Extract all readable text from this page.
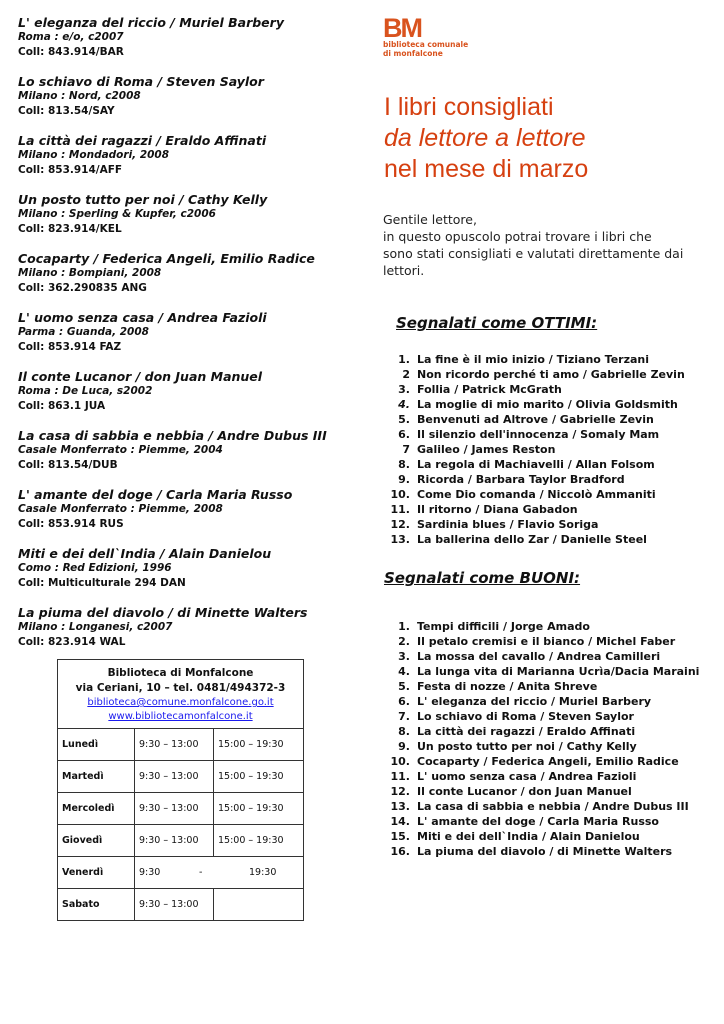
L' eleganza del riccio / Muriel Barbery
Roma : e/o, c2007
Coll: 843.914/BAR
Lo schiavo di Roma / Steven Saylor
Milano : Nord, c2008
Coll: 813.54/SAY
La città dei ragazzi / Eraldo Affinati
Milano : Mondadori, 2008
Coll: 853.914/AFF
Un posto tutto per noi / Cathy Kelly
Milano : Sperling & Kupfer, c2006
Coll: 823.914/KEL
Cocaparty / Federica Angeli, Emilio Radice
Milano : Bompiani, 2008
Coll: 362.290835 ANG
L' uomo senza casa / Andrea Fazioli
Parma : Guanda, 2008
Coll: 853.914 FAZ
Il conte Lucanor / don Juan Manuel
Roma : De Luca, s2002
Coll: 863.1 JUA
La casa di sabbia e nebbia / Andre Dubus III
Casale Monferrato : Piemme, 2004
Coll: 813.54/DUB
L' amante del doge / Carla Maria Russo
Casale Monferrato : Piemme, 2008
Coll: 853.914 RUS
Miti e dei dell`India / Alain Danielou
Como : Red Edizioni, 1996
Coll: Multiculturale 294 DAN
La piuma del diavolo / di Minette Walters
Milano : Longanesi, c2007
Coll: 823.914 WAL
Biblioteca di Monfalcone
via Ceriani, 10 – tel. 0481/494372-3
biblioteca@comune.monfalcone.go.it
www.bibliotecamonfalcone.it
Lunedì	9:30 – 13:00	15:00 – 19:30
Martedì	9:30 – 13:00	15:00 – 19:30
Mercoledì	9:30 – 13:00	15:00 – 19:30
Giovedì	9:30 – 13:00	15:00 – 19:30
Venerdì	9:30 - 19:30	
Sabato	9:30 – 13:00	
BM
biblioteca comunale
di monfalcone
I libri consigliati
da lettore a lettore
nel mese di marzo
Gentile lettore,
in questo opuscolo potrai trovare i libri che
sono stati consigliati e valutati direttamente dai
lettori.
Segnalati come OTTIMI:
1. La fine è il mio inizio / Tiziano Terzani
2 Non ricordo perché ti amo / Gabrielle Zevin
3. Follia / Patrick McGrath
4. La moglie di mio marito / Olivia Goldsmith
5. Benvenuti ad Altrove / Gabrielle Zevin
6. Il silenzio dell'innocenza / Somaly Mam
7 Galileo / James Reston
8. La regola di Machiavelli / Allan Folsom
9. Ricorda / Barbara Taylor Bradford
10. Come Dio comanda / Niccolò Ammaniti
11. Il ritorno / Diana Gabadon
12. Sardinia blues / Flavio Soriga
13. La ballerina dello Zar / Danielle Steel
Segnalati come BUONI:
1. Tempi difficili / Jorge Amado
2. Il petalo cremisi e il bianco / Michel Faber
3. La mossa del cavallo / Andrea Camilleri
4. La lunga vita di Marianna Ucrìa/Dacia Maraini
5. Festa di nozze / Anita Shreve
6. L' eleganza del riccio / Muriel Barbery
7. Lo schiavo di Roma / Steven Saylor
8. La città dei ragazzi / Eraldo Affinati
9. Un posto tutto per noi / Cathy Kelly
10. Cocaparty / Federica Angeli, Emilio Radice
11. L' uomo senza casa / Andrea Fazioli
12. Il conte Lucanor / don Juan Manuel
13. La casa di sabbia e nebbia / Andre Dubus III
14. L' amante del doge / Carla Maria Russo
15. Miti e dei dell`India / Alain Danielou
16. La piuma del diavolo / di Minette Walters
